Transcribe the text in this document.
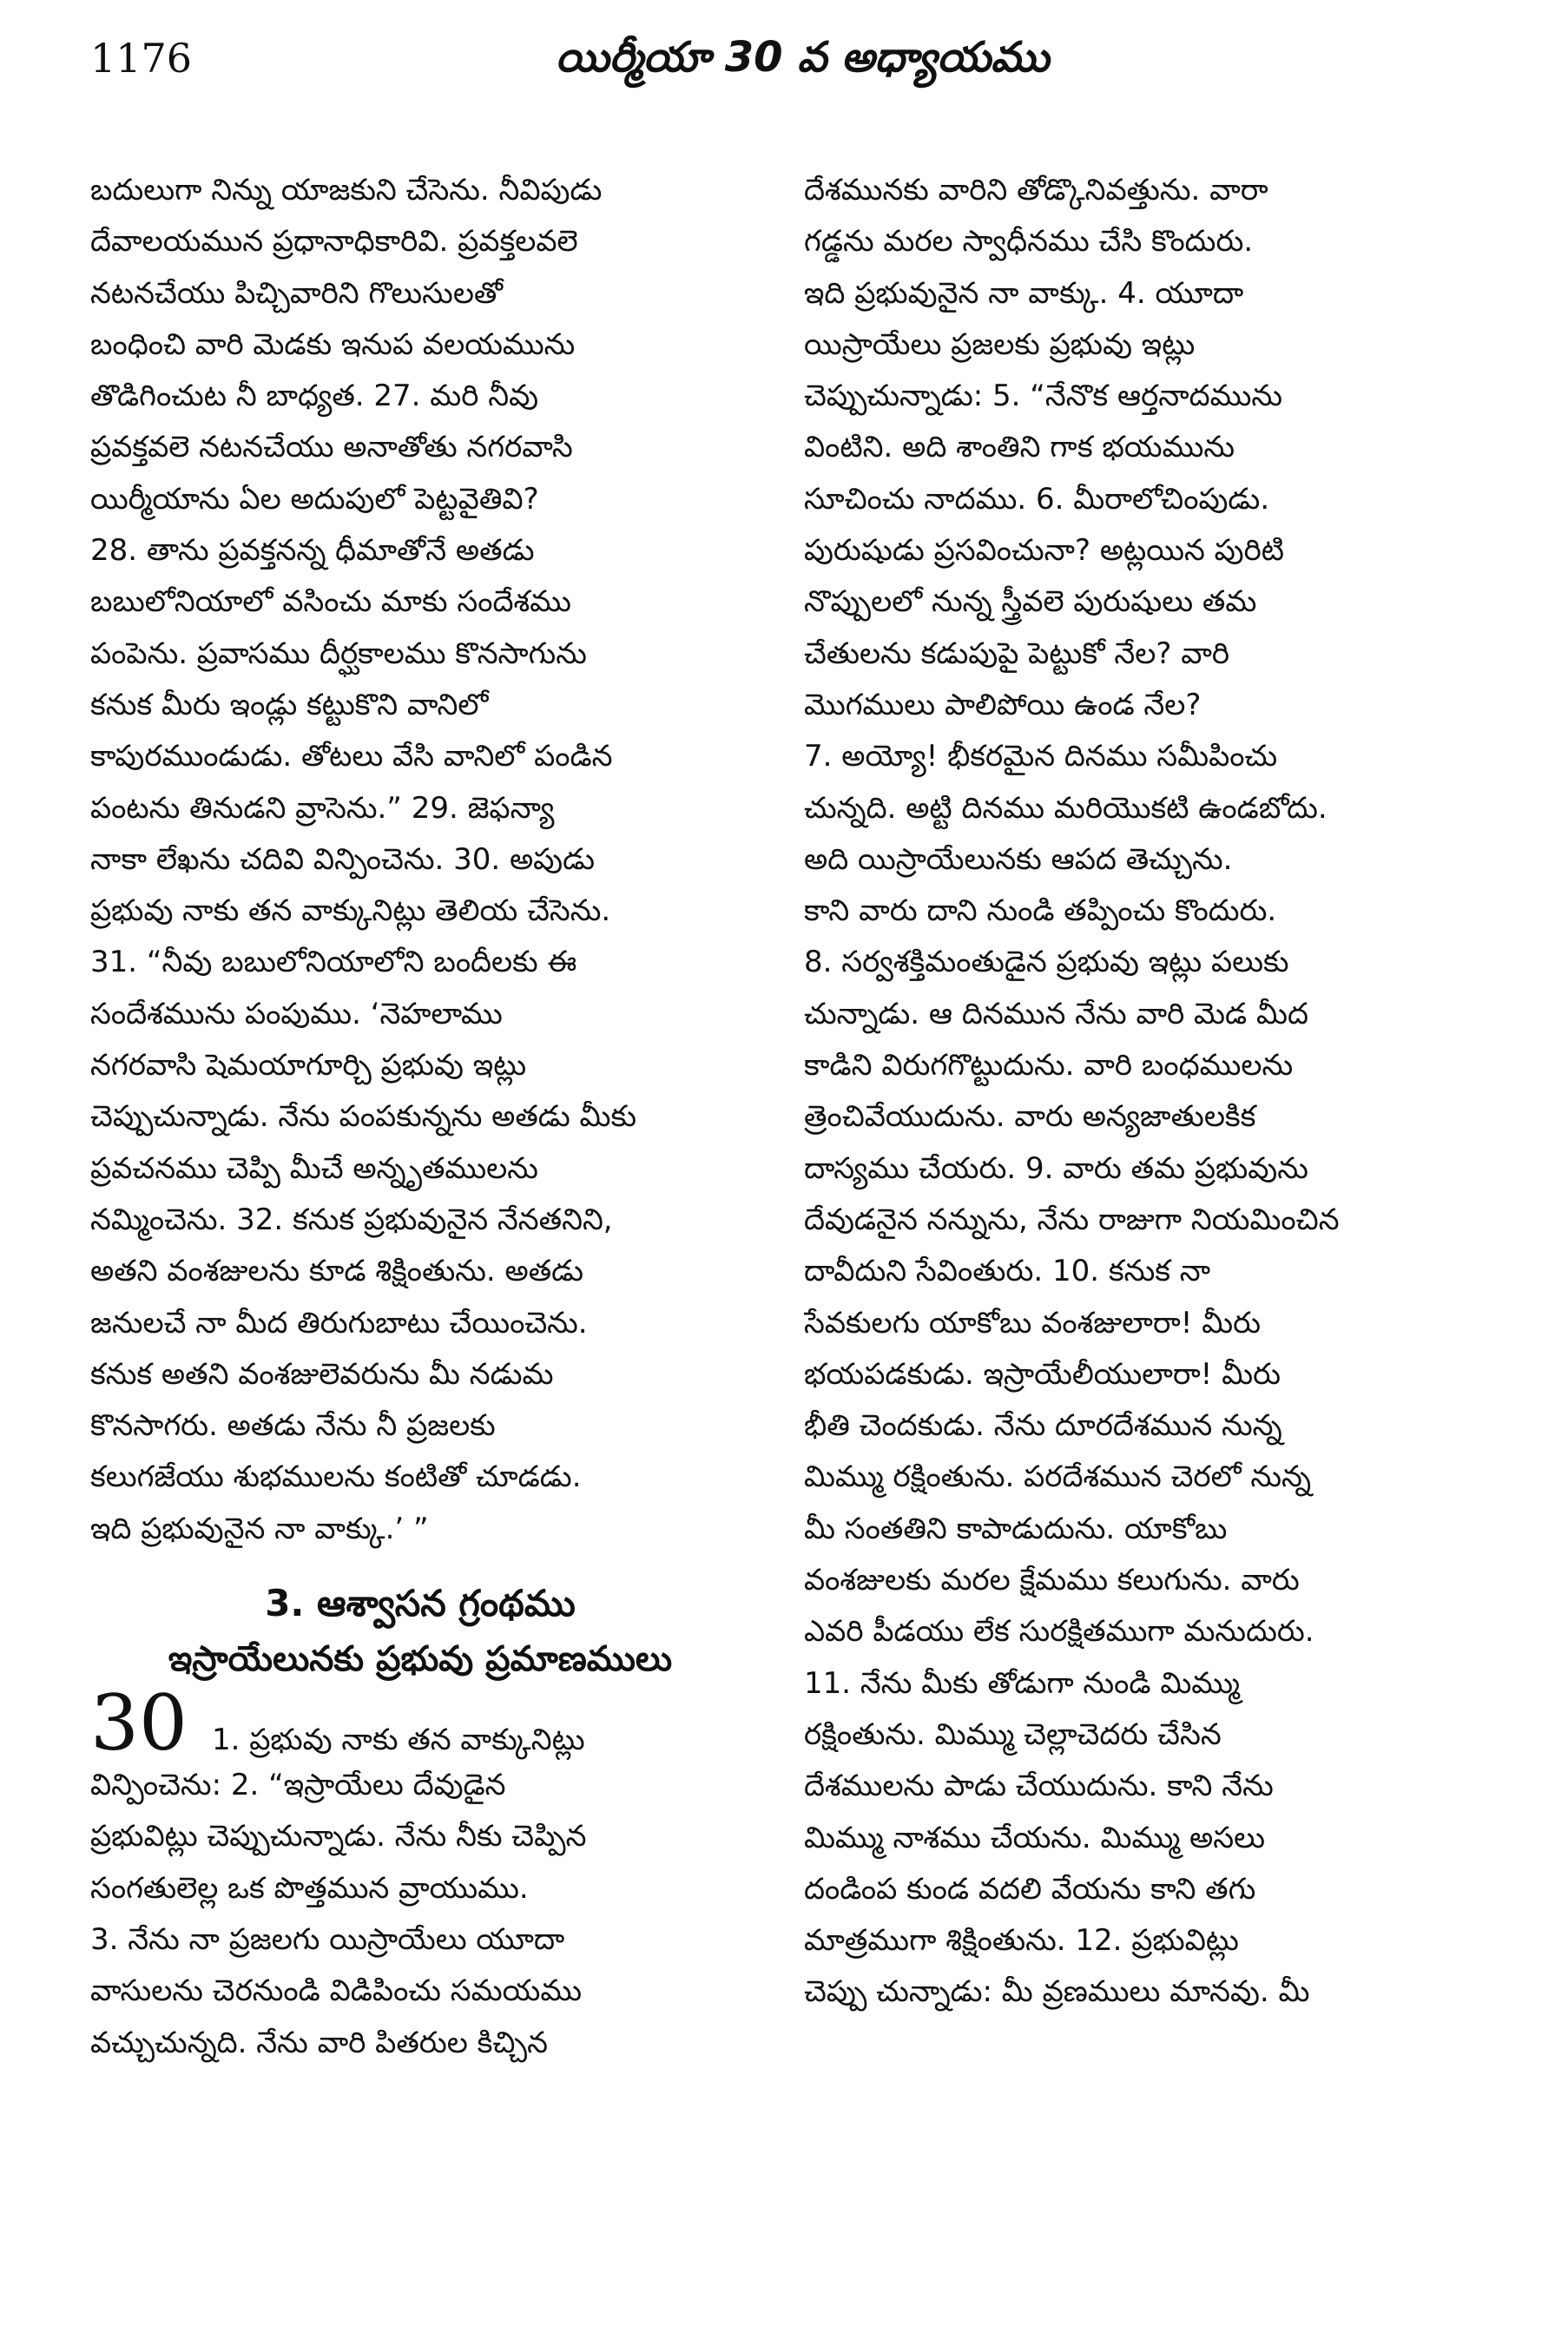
1176	యిర్మీయా 30 వ అధ్యాయము
బదులుగా నిన్ను యాజకుని చేసెను. నీవిపుడు
దేవాలయమున ప్రధానాధికారివి. ప్రవక్తలవలె
నటనచేయు పిచ్చివారిని గొలుసులతో
బంధించి వారి మెడకు ఇనుప వలయమును
తొడిగించుట నీ బాధ్యత. 27. మరి నీవు
ప్రవక్తవలె నటనచేయు అనాతోతు నగరవాసి
యిర్మీయాను ఏల అదుపులో పెట్టవైతివి?
28. తాను ప్రవక్తనన్న ధీమాతోనే అతడు
బబులోనియాలో వసించు మాకు సందేశము
పంపెను. ప్రవాసము దీర్ఘకాలము కొనసాగును
కనుక మీరు ఇండ్లు కట్టుకొని వానిలో
కాపురముండుడు. తోటలు వేసి వానిలో పండిన
పంటను తినుడని వ్రాసెను.” 29. జెఫన్యా
నాకా లేఖను చదివి విన్పించెను. 30. అపుడు
ప్రభువు నాకు తన వాక్కునిట్లు తెలియ చేసెను.
31. “నీవు బబులోనియాలోని బందీలకు ఈ
సందేశమును పంపుము. ‘నెహలాము
నగరవాసి షెమయాగూర్చి ప్రభువు ఇట్లు
చెప్పుచున్నాడు. నేను పంపకున్నను అతడు మీకు
ప్రవచనము చెప్పి మీచే అన్నృతములను
నమ్మించెను. 32. కనుక ప్రభువునైన నేనతనిని,
అతని వంశజులను కూడ శిక్షింతును. అతడు
జనులచే నా మీద తిరుగుబాటు చేయించెను.
కనుక అతని వంశజులెవరును మీ నడుమ
కొనసాగరు. అతడు నేను నీ ప్రజలకు
కలుగజేయు శుభములను కంటితో చూడడు.
ఇది ప్రభువునైన నా వాక్కు.’ ”
3. ఆశ్వాసన గ్రంథము
ఇస్రాయేలునకు ప్రభువు ప్రమాణములు
30 1. ప్రభువు నాకు తన వాక్కునిట్లు
విన్పించెను: 2. “ఇస్రాయేలు దేవుడైన
ప్రభువిట్లు చెప్పుచున్నాడు. నేను నీకు చెప్పిన
సంగతులెల్ల ఒక పొత్తమున వ్రాయుము.
3. నేను నా ప్రజలగు యిస్రాయేలు యూదా
వాసులను చెరనుండి విడిపించు సమయము
వచ్చుచున్నది. నేను వారి పితరుల కిచ్చిన
దేశమునకు వారిని తోడ్కొనివత్తును. వారా
గడ్డను మరల స్వాధీనము చేసి కొందురు.
ఇది ప్రభువునైన నా వాక్కు. 4. యూదా
యిస్రాయేలు ప్రజలకు ప్రభువు ఇట్లు
చెప్పుచున్నాడు: 5. “నేనొక ఆర్తనాదమును
వింటిని. అది శాంతిని గాక భయమును
సూచించు నాదము. 6. మీరాలోచింపుడు.
పురుషుడు ప్రసవించునా? అట్లయిన పురిటి
నొప్పులలో నున్న స్త్రీవలె పురుషులు తమ
చేతులను కడుపుపై పెట్టుకో నేల? వారి
మొగములు పాలిపోయి ఉండ నేల?
7. అయ్యో! భీకరమైన దినము సమీపించు
చున్నది. అట్టి దినము మరియొకటి ఉండబోదు.
అది యిస్రాయేలునకు ఆపద తెచ్చును.
కాని వారు దాని నుండి తప్పించు కొందురు.
8. సర్వశక్తిమంతుడైన ప్రభువు ఇట్లు పలుకు
చున్నాడు. ఆ దినమున నేను వారి మెడ మీద
కాడిని విరుగగొట్టుదును. వారి బంధములను
త్రెంచివేయుదును. వారు అన్యజాతులకిక
దాస్యము చేయరు. 9. వారు తమ ప్రభువును
దేవుడనైన నన్నును, నేను రాజుగా నియమించిన
దావీదుని సేవింతురు. 10. కనుక నా
సేవకులగు యాకోబు వంశజులారా! మీరు
భయపడకుడు. ఇస్రాయేలీయులారా! మీరు
భీతి చెందకుడు. నేను దూరదేశమున నున్న
మిమ్ము రక్షింతును. పరదేశమున చెరలో నున్న
మీ సంతతిని కాపాడుదును. యాకోబు
వంశజులకు మరల క్షేమము కలుగును. వారు
ఎవరి పీడయు లేక సురక్షితముగా మనుదురు.
11. నేను మీకు తోడుగా నుండి మిమ్ము
రక్షింతును. మిమ్ము చెల్లాచెదరు చేసిన
దేశములను పాడు చేయుదును. కాని నేను
మిమ్ము నాశము చేయను. మిమ్ము అసలు
దండింప కుండ వదలి వేయను కాని తగు
మాత్రముగా శిక్షింతును. 12. ప్రభువిట్లు
చెప్పు చున్నాడు: మీ వ్రణములు మానవు. మీ
